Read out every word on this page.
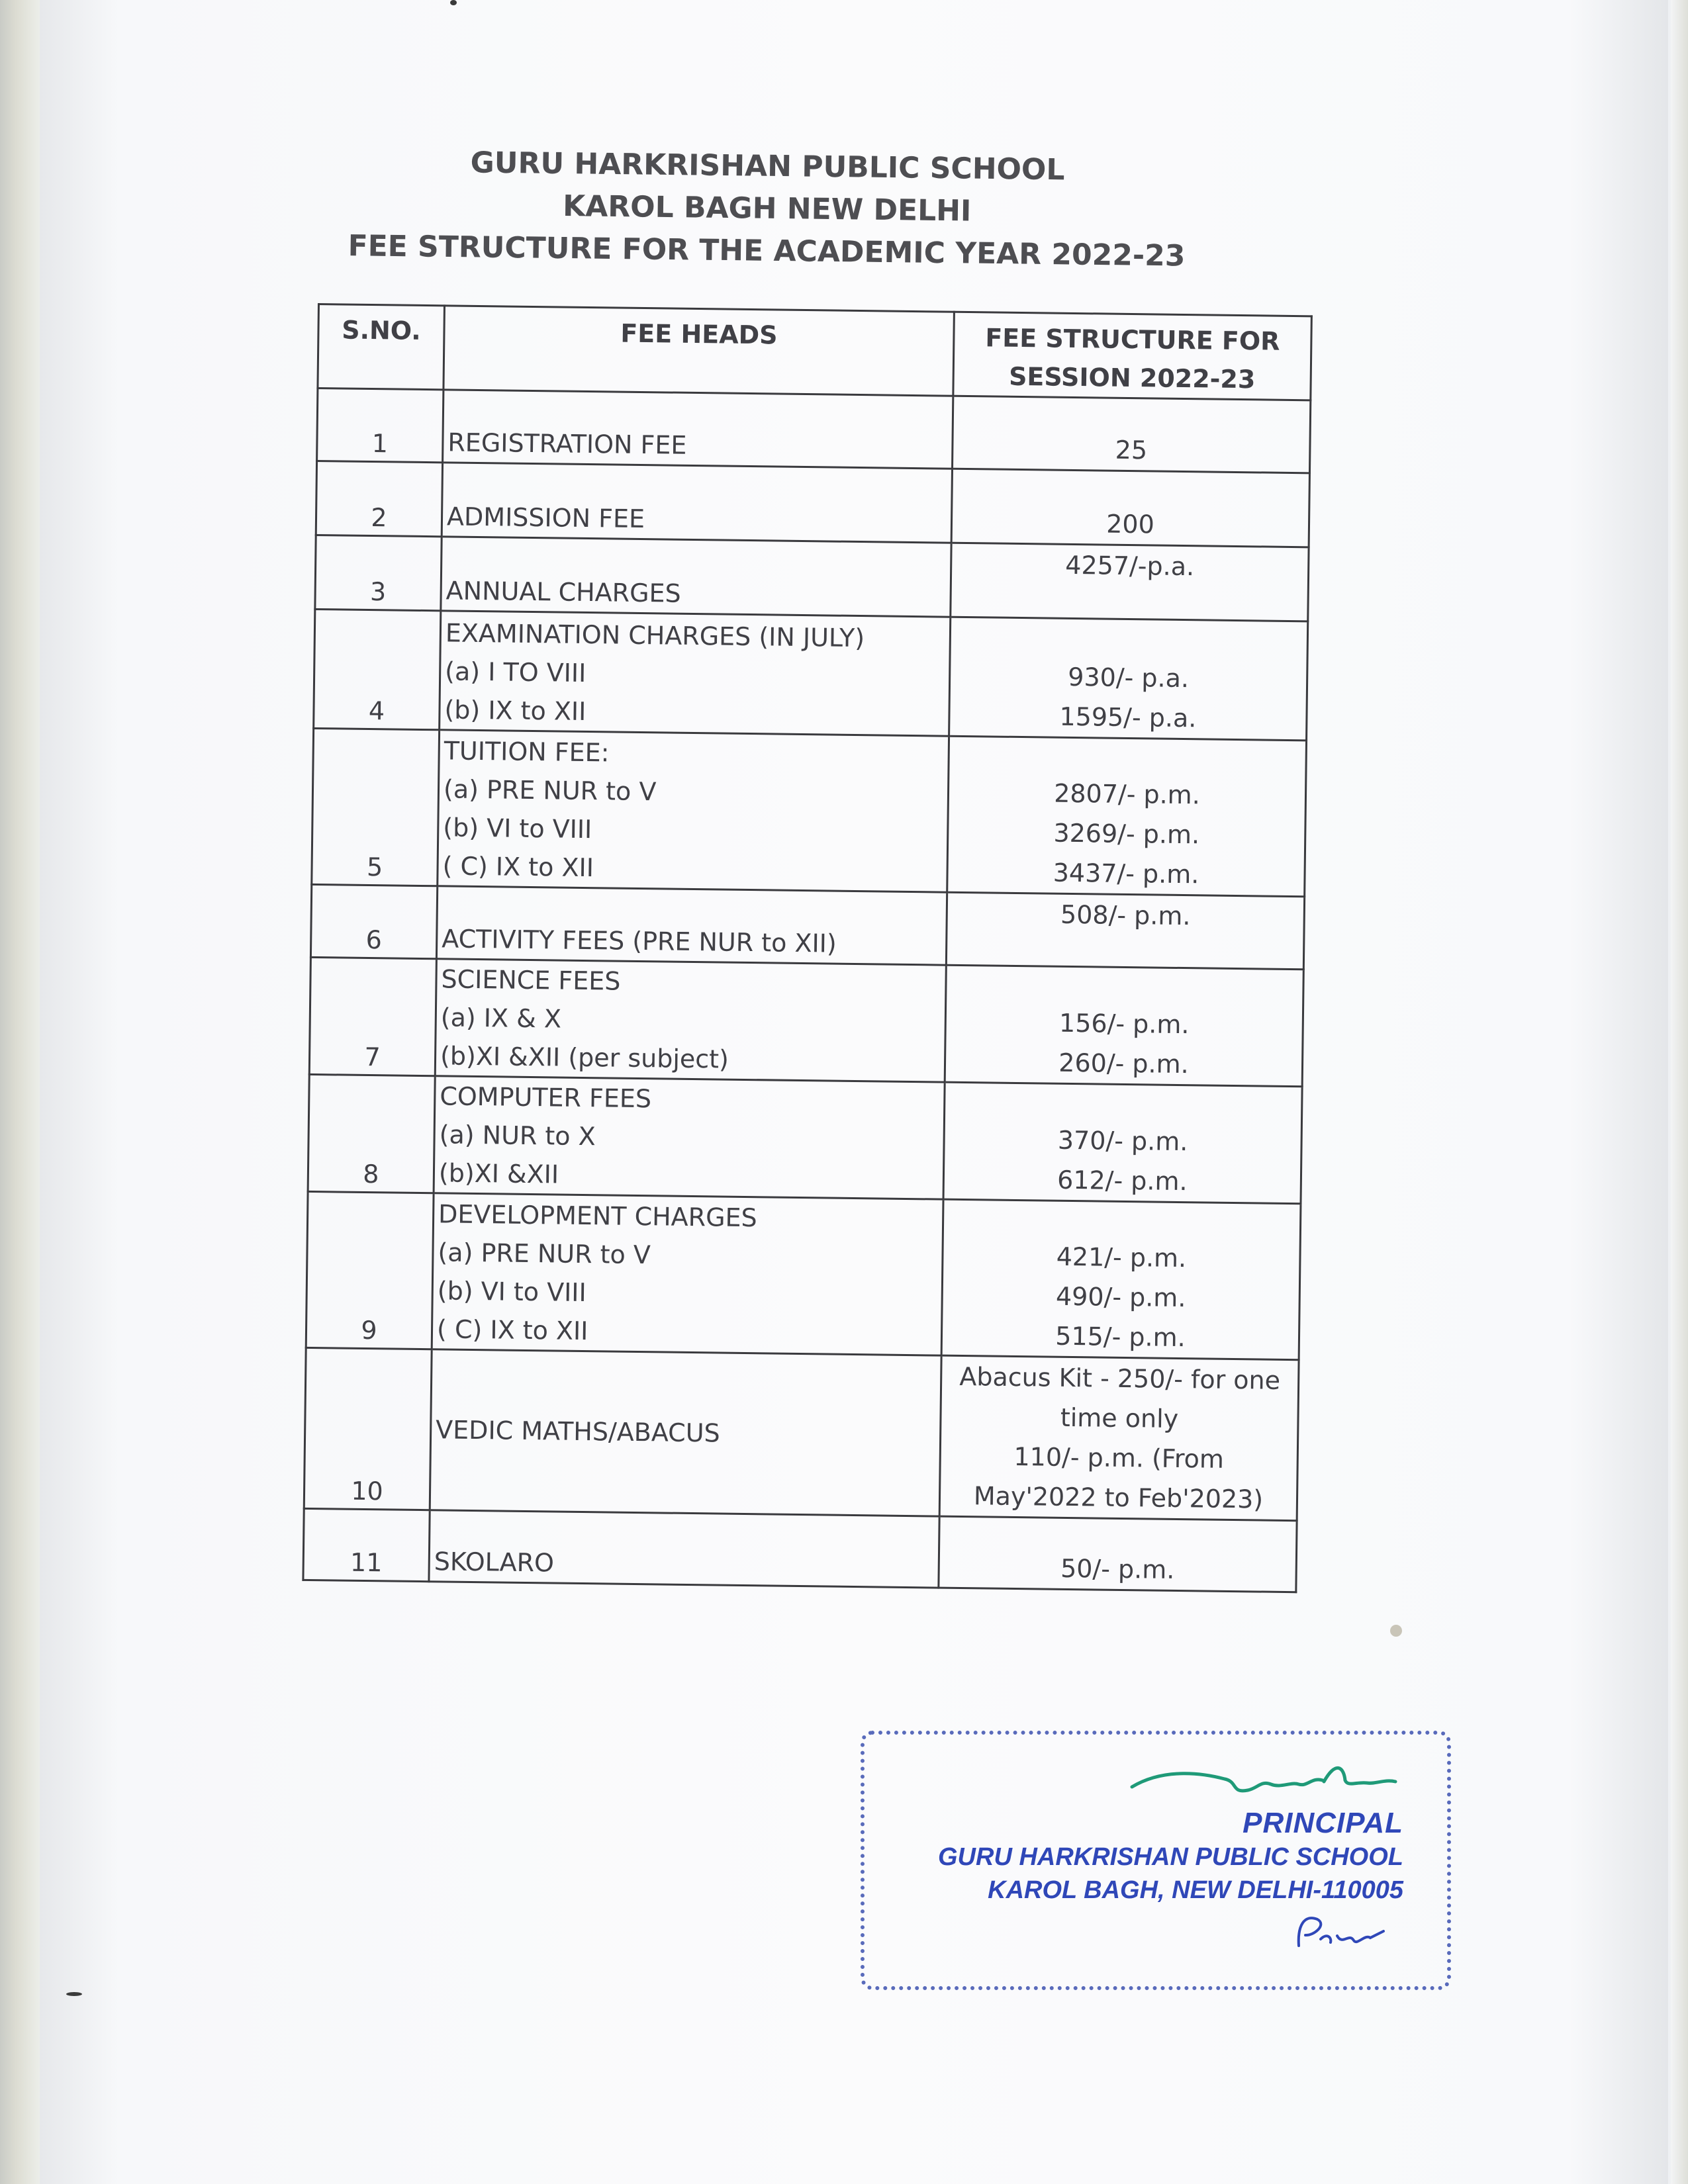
GURU HARKRISHAN PUBLIC SCHOOL
KAROL BAGH NEW DELHI
FEE STRUCTURE FOR THE ACADEMIC YEAR 2022-23
S.NO.	FEE HEADS	FEE STRUCTURE FOR
SESSION 2022-23

1	REGISTRATION FEE	25

2	ADMISSION FEE	200

3	ANNUAL CHARGES	4257/-p.a.

4	EXAMINATION CHARGES (IN JULY)
(a) I TO VIII
(b) IX to XII	930/- p.a.
1595/- p.a.

5	TUITION FEE:
(a) PRE NUR to V
(b) VI to VIII
( C) IX to XII	2807/- p.m.
3269/- p.m.
3437/- p.m.

6	ACTIVITY FEES (PRE NUR to XII)	508/- p.m.

7	SCIENCE FEES
(a) IX & X
(b)XI &XII (per subject)	156/- p.m.
260/- p.m.

8	COMPUTER FEES
(a) NUR to X
(b)XI &XII	370/- p.m.
612/- p.m.

9	DEVELOPMENT CHARGES
(a) PRE NUR to V
(b) VI to VIII
( C) IX to XII	421/- p.m.
490/- p.m.
515/- p.m.

10	VEDIC MATHS/ABACUS	Abacus Kit - 250/- for one
time only
110/- p.m. (From
May'2022 to Feb'2023)

11	SKOLARO	50/- p.m.
PRINCIPAL
GURU HARKRISHAN PUBLIC SCHOOL
KAROL BAGH, NEW DELHI-110005
